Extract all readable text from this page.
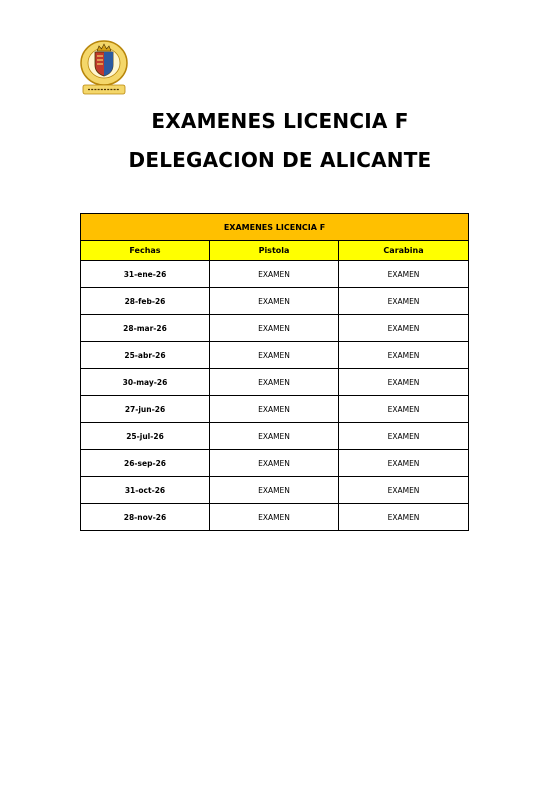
EXAMENES LICENCIA F
DELEGACION DE ALICANTE
EXAMENES LICENCIA F		
Fechas	Pistola	Carabina
31-ene-26	EXAMEN	EXAMEN
28-feb-26	EXAMEN	EXAMEN
28-mar-26	EXAMEN	EXAMEN
25-abr-26	EXAMEN	EXAMEN
30-may-26	EXAMEN	EXAMEN
27-jun-26	EXAMEN	EXAMEN
25-jul-26	EXAMEN	EXAMEN
26-sep-26	EXAMEN	EXAMEN
31-oct-26	EXAMEN	EXAMEN
28-nov-26	EXAMEN	EXAMEN
